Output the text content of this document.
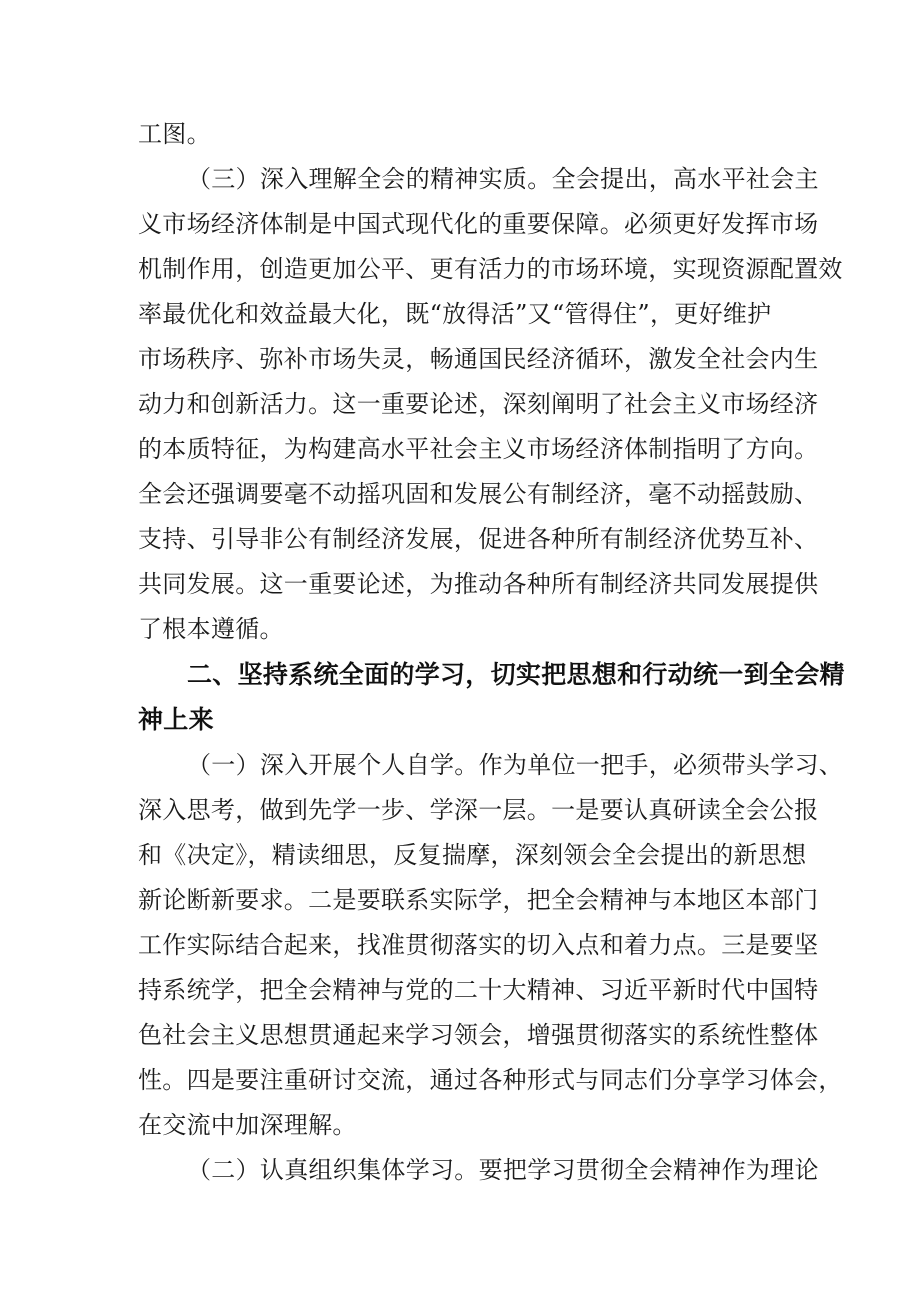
工图。
（三）深入理解全会的精神实质。全会提出，高水平社会主
义市场经济体制是中国式现代化的重要保障。必须更好发挥市场
机制作用，创造更加公平、更有活力的市场环境，实现资源配置效
率最优化和效益最大化，既“放得活”又“管得住”，更好维护
市场秩序、弥补市场失灵，畅通国民经济循环，激发全社会内生
动力和创新活力。这一重要论述，深刻阐明了社会主义市场经济
的本质特征，为构建高水平社会主义市场经济体制指明了方向。
全会还强调要毫不动摇巩固和发展公有制经济，毫不动摇鼓励、
支持、引导非公有制经济发展，促进各种所有制经济优势互补、
共同发展。这一重要论述，为推动各种所有制经济共同发展提供
了根本遵循。
二、坚持系统全面的学习，切实把思想和行动统一到全会精
神上来
（一）深入开展个人自学。作为单位一把手，必须带头学习、
深入思考，做到先学一步、学深一层。一是要认真研读全会公报
和《决定》，精读细思，反复揣摩，深刻领会全会提出的新思想
新论断新要求。二是要联系实际学，把全会精神与本地区本部门
工作实际结合起来，找准贯彻落实的切入点和着力点。三是要坚
持系统学，把全会精神与党的二十大精神、习近平新时代中国特
色社会主义思想贯通起来学习领会，增强贯彻落实的系统性整体
性。四是要注重研讨交流，通过各种形式与同志们分享学习体会，
在交流中加深理解。
（二）认真组织集体学习。要把学习贯彻全会精神作为理论
